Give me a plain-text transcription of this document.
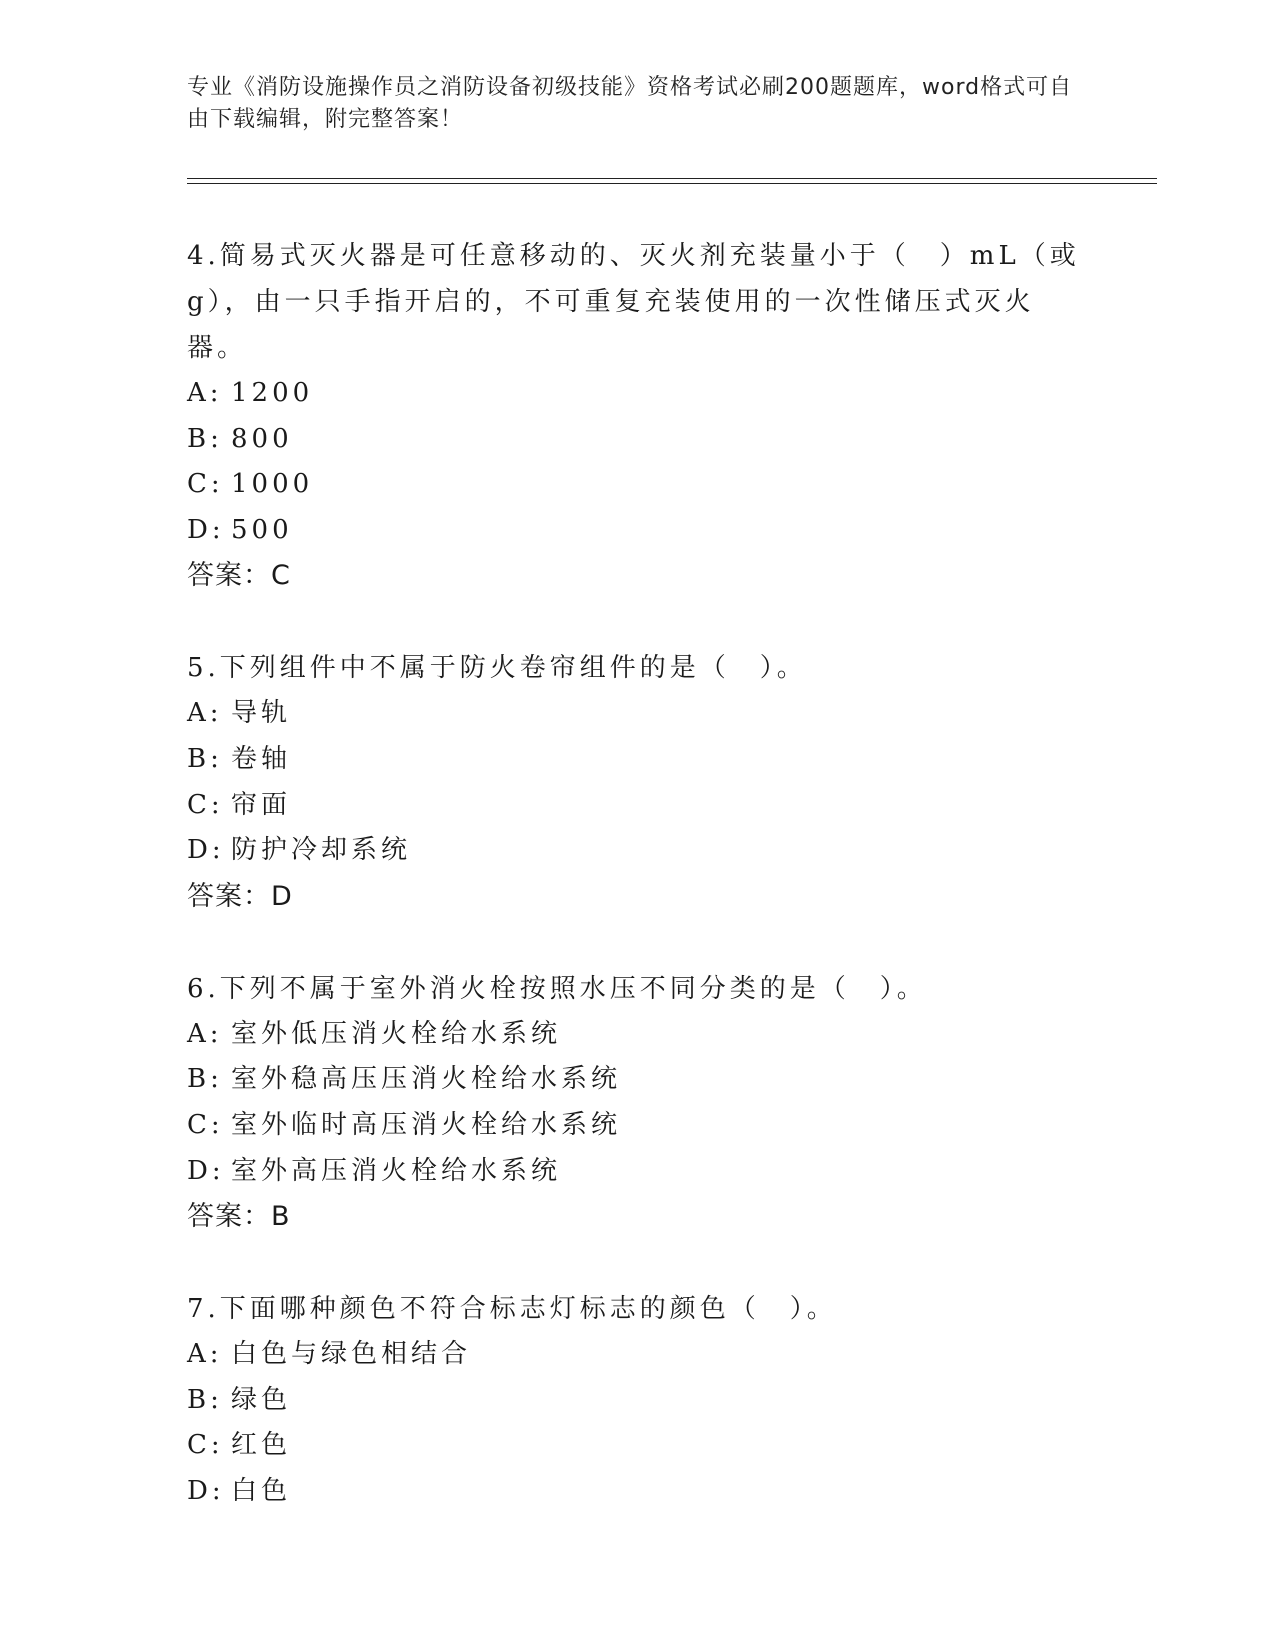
专业《消防设施操作员之消防设备初级技能》资格考试必刷200题题库，word格式可自由下载编辑，附完整答案！

4.简易式灭火器是可任意移动的、灭火剂充装量小于（　）mL（或g），由一只手指开启的，不可重复充装使用的一次性储压式灭火器。

A: 1200
B: 800
C: 1000
D: 500
答案：C

5.下列组件中不属于防火卷帘组件的是（　）。

A: 导轨
B: 卷轴
C: 帘面
D: 防护冷却系统
答案：D

6.下列不属于室外消火栓按照水压不同分类的是（　）。

A: 室外低压消火栓给水系统
B: 室外稳高压压消火栓给水系统
C: 室外临时高压消火栓给水系统
D: 室外高压消火栓给水系统
答案：B

7.下面哪种颜色不符合标志灯标志的颜色（　）。

A: 白色与绿色相结合
B: 绿色
C: 红色
D: 白色
